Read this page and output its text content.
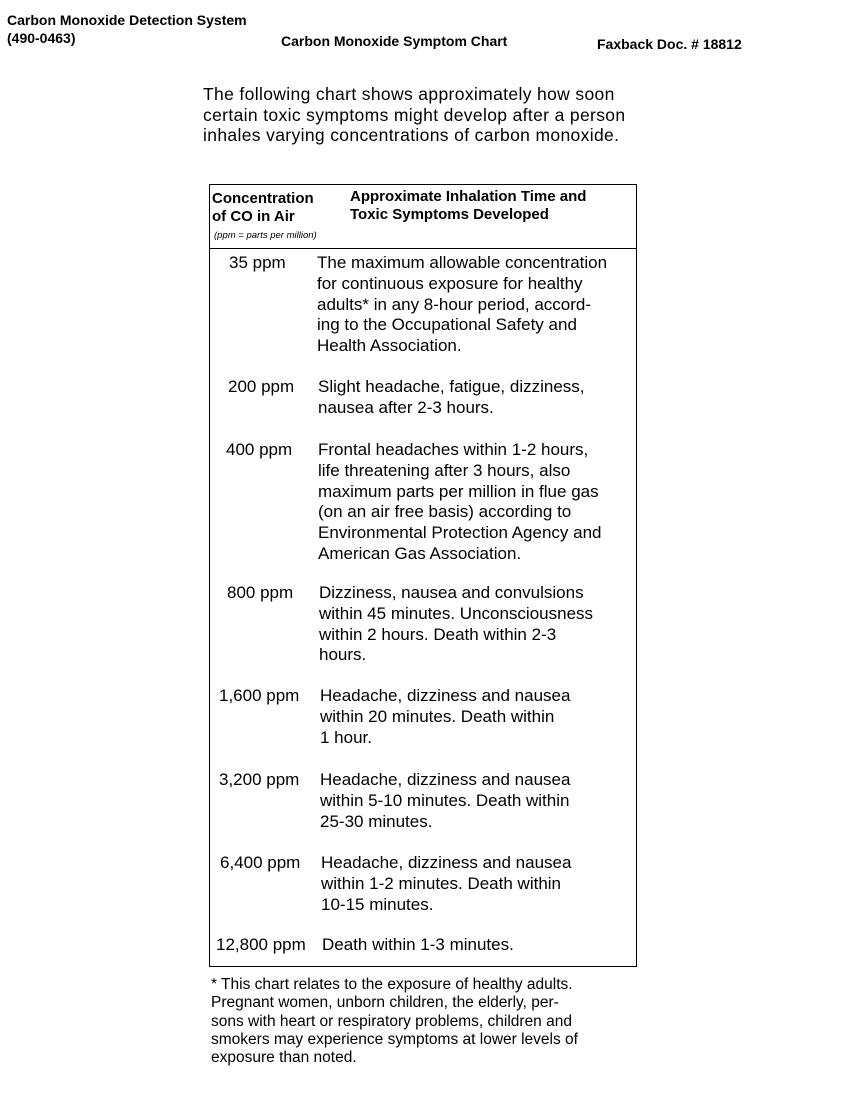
Carbon Monoxide Detection System
(490-0463)	Carbon Monoxide Symptom Chart	Faxback Doc. # 18812

The following chart shows approximately how soon certain toxic symptoms might develop after a person inhales varying concentrations of carbon monoxide.

Concentration
of CO in Air
(ppm = parts per million)
Approximate Inhalation Time and
Toxic Symptoms Developed
35 ppm The maximum allowable concentration
for continuous exposure for healthy
adults* in any 8-hour period, accord-
ing to the Occupational Safety and
Health Association.
200 ppm Slight headache, fatigue, dizziness,
nausea after 2-3 hours.
400 ppm Frontal headaches within 1-2 hours,
life threatening after 3 hours, also
maximum parts per million in flue gas
(on an air free basis) according to
Environmental Protection Agency and
American Gas Association.
800 ppm Dizziness, nausea and convulsions
within 45 minutes. Unconsciousness
within 2 hours. Death within 2-3
hours.
1,600 ppm Headache, dizziness and nausea
within 20 minutes. Death within
1 hour.
3,200 ppm Headache, dizziness and nausea
within 5-10 minutes. Death within
25-30 minutes.
6,400 ppm Headache, dizziness and nausea
within 1-2 minutes. Death within
10-15 minutes.
12,800 ppm Death within 1-3 minutes.

* This chart relates to the exposure of healthy adults.
Pregnant women, unborn children, the elderly, per-
sons with heart or respiratory problems, children and
smokers may experience symptoms at lower levels of
exposure than noted.
